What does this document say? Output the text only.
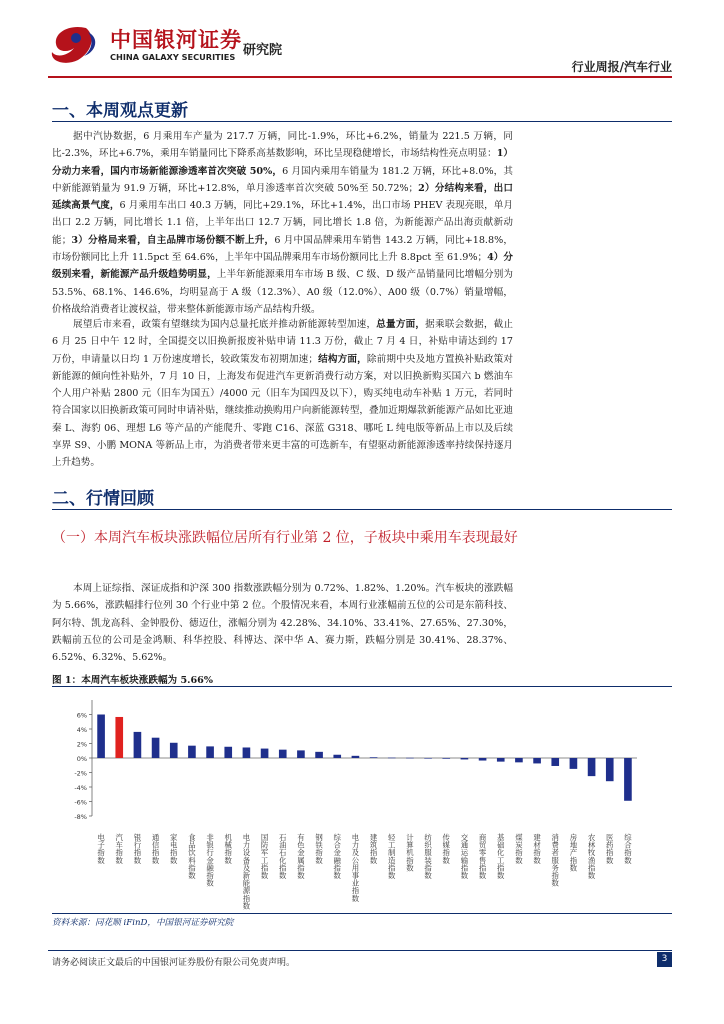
中国银河证券
CHINA GALAXY SECURITIES 研究院
行业周报/汽车行业
一、本周观点更新
据中汽协数据，6 月乘用车产量为 217.7 万辆，同比-1.9%，环比+6.2%，销量为 221.5 万辆，同比-2.3%，环比+6.7%，乘用车销量同比下降系高基数影响，环比呈现稳健增长，市场结构性亮点明显：1）分动力来看，国内市场新能源渗透率首次突破 50%，6 月国内乘用车销量为 181.2 万辆，环比+8.0%，其中新能源销量为 91.9 万辆，环比+12.8%，单月渗透率首次突破 50%至 50.72%；2）分结构来看，出口延续高景气度，6 月乘用车出口 40.3 万辆，同比+29.1%，环比+1.4%，出口市场 PHEV 表现亮眼，单月出口 2.2 万辆，同比增长 1.1 倍，上半年出口 12.7 万辆，同比增长 1.8 倍，为新能源产品出海贡献新动能；3）分格局来看，自主品牌市场份额不断上升，6 月中国品牌乘用车销售 143.2 万辆，同比+18.8%，市场份额同比上升 11.5pct 至 64.6%，上半年中国品牌乘用车市场份额同比上升 8.8pct 至 61.9%；4）分级别来看，新能源产品升级趋势明显，上半年新能源乘用车市场 B 级、C 级、D 级产品销量同比增幅分别为 53.5%、68.1%、146.6%，均明显高于 A 级（12.3%）、A0 级（12.0%）、A00 级（0.7%）销量增幅，价格战给消费者让渡权益，带来整体新能源市场产品结构升级。
展望后市来看，政策有望继续为国内总量托底并推动新能源转型加速，总量方面，据乘联会数据，截止 6 月 25 日中午 12 时，全国提交以旧换新报废补贴申请 11.3 万份，截止 7 月 4 日，补贴申请达到约 17 万份，申请量以日均 1 万份速度增长，较政策发布初期加速；结构方面，除前期中央及地方置换补贴政策对新能源的倾向性补贴外，7 月 10 日，上海发布促进汽车更新消费行动方案，对以旧换新购买国六 b 燃油车个人用户补贴 2800 元（旧车为国五）/4000 元（旧车为国四及以下），购买纯电动车补贴 1 万元，若同时符合国家以旧换新政策可同时申请补贴，继续推动换购用户向新能源转型，叠加近期爆款新能源产品如比亚迪秦 L、海豹 06、理想 L6 等产品的产能爬升、零跑 C16、深蓝 G318、哪吒 L 纯电版等新品上市以及后续享界 S9、小鹏 MONA 等新品上市，为消费者带来更丰富的可选新车，有望驱动新能源渗透率持续保持逐月上升趋势。
二、行情回顾
（一）本周汽车板块涨跌幅位居所有行业第 2 位，子板块中乘用车表现最好
本周上证综指、深证成指和沪深 300 指数涨跌幅分别为 0.72%、1.82%、1.20%。汽车板块的涨跌幅为 5.66%，涨跌幅排行位列 30 个行业中第 2 位。个股情况来看，本周行业涨幅前五位的公司是东箭科技、阿尔特、凯龙高科、金钟股份、德迈仕，涨幅分别为 42.28%、34.10%、33.41%、27.65%、27.30%，跌幅前五位的公司是金鸿顺、科华控股、科博达、深中华 A、赛力斯，跌幅分别是 30.41%、28.37%、6.52%、6.32%、5.62%。
图 1：本周汽车板块涨跌幅为 5.66%
6%
4%
2%
0%
-2%
-4%
-6%
-8%
电子指数
汽车指数
银行指数
通信指数
家电指数
食品饮料指数
非银行金融指数
机械指数
电力设备及新能源指数
国防军工指数
石油石化指数
有色金属指数
钢铁指数
综合金融指数
电力及公用事业指数
建筑指数
轻工制造指数
计算机指数
纺织服装指数
传媒指数
交通运输指数
商贸零售指数
基础化工指数
煤炭指数
建材指数
消费者服务指数
房地产指数
农林牧渔指数
医药指数
综合指数
资料来源：同花顺 iFinD，中国银河证券研究院
请务必阅读正文最后的中国银河证券股份有限公司免责声明。	3
